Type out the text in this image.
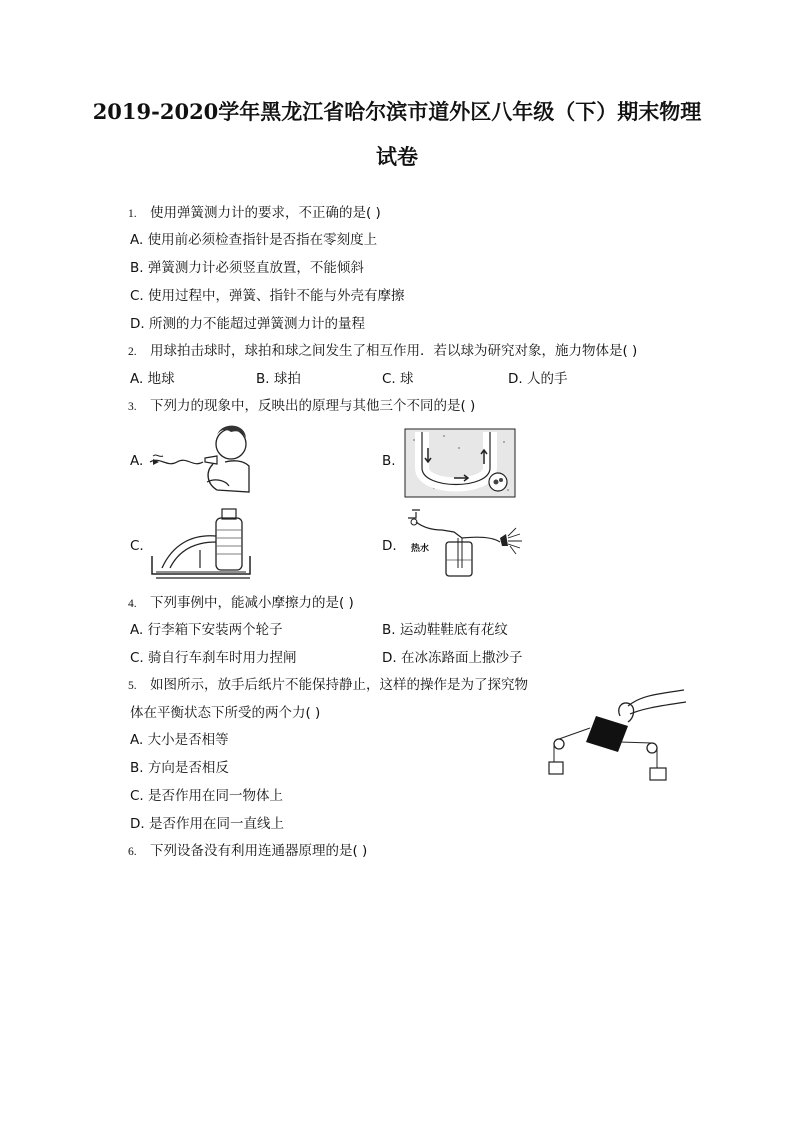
2019-2020学年黑龙江省哈尔滨市道外区八年级（下）期末物理
试卷
1. 使用弹簧测力计的要求，不正确的是( )
A. 使用前必须检查指针是否指在零刻度上
B. 弹簧测力计必须竖直放置，不能倾斜
C. 使用过程中，弹簧、指针不能与外壳有摩擦
D. 所测的力不能超过弹簧测力计的量程
2. 用球拍击球时，球拍和球之间发生了相互作用．若以球为研究对象，施力物体是( )
A. 地球	B. 球拍	C. 球	D. 人的手
3. 下列力的现象中，反映出的原理与其他三个不同的是( )
A.	B.
C.	D. 热水
4. 下列事例中，能减小摩擦力的是( )
A. 行李箱下安装两个轮子	B. 运动鞋鞋底有花纹
C. 骑自行车刹车时用力捏闸	D. 在冰冻路面上撒沙子
5. 如图所示，放手后纸片不能保持静止，这样的操作是为了探究物
体在平衡状态下所受的两个力( )
A. 大小是否相等
B. 方向是否相反
C. 是否作用在同一物体上
D. 是否作用在同一直线上
6. 下列设备没有利用连通器原理的是( )
